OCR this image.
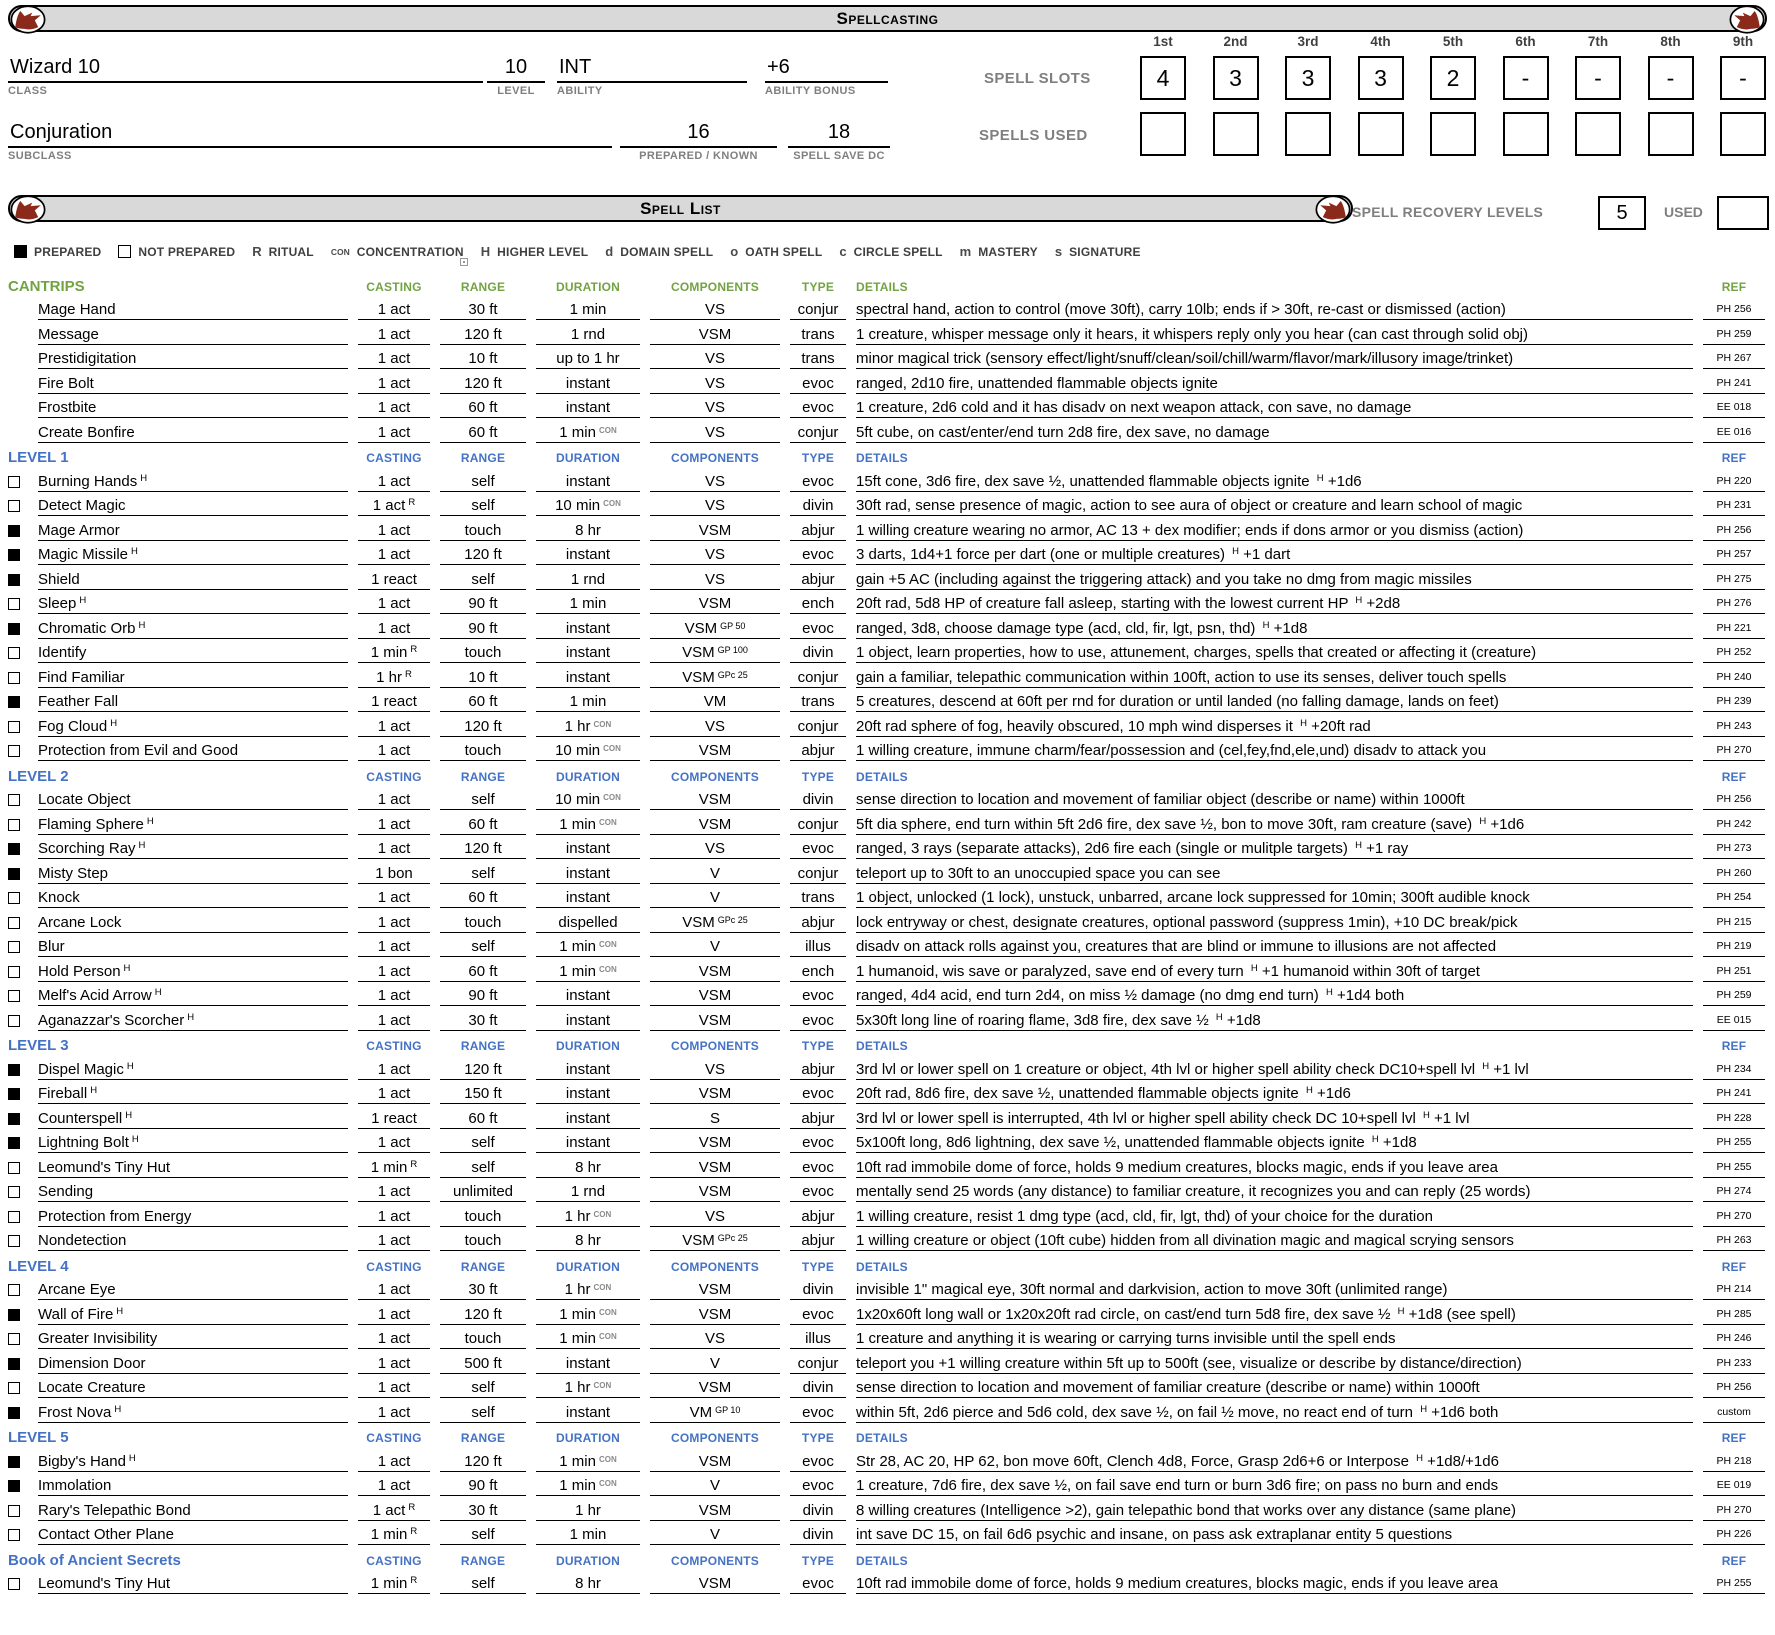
Spellcasting
Wizard 10
CLASS
10
LEVEL
INT
ABILITY
+6
ABILITY BONUS
Conjuration
SUBCLASS
16
PREPARED / KNOWN
18
SPELL SAVE DC
SPELL SLOTS
SPELLS USED
1st	2nd	3rd	4th	5th	6th	7th	8th	9th
4	3	3	3	2	-	-	-	-
Spell List	SPELL RECOVERY LEVELS	5	USED
PREPARED	NOT PREPARED R RITUAL CON CONCENTRATION H HIGHER LEVEL d DOMAIN SPELL o OATH SPELL c CIRCLE SPELL m MASTERY s SIGNATURE
CANTRIPS	CASTING	RANGE	DURATION	COMPONENTS	TYPE	DETAILS	REF
Mage Hand	1 act	30 ft	1 min	VS	conjur	spectral hand, action to control (move 30ft), carry 10lb; ends if > 30ft, re-cast or dismissed (action)	PH 256
Message	1 act	120 ft	1 rnd	VSM	trans	1 creature, whisper message only it hears, it whispers reply only you hear (can cast through solid obj)	PH 259
Prestidigitation	1 act	10 ft	up to 1 hr	VS	trans	minor magical trick (sensory effect/light/snuff/clean/soil/chill/warm/flavor/mark/illusory image/trinket)	PH 267
Fire Bolt	1 act	120 ft	instant	VS	evoc	ranged, 2d10 fire, unattended flammable objects ignite	PH 241
Frostbite	1 act	60 ft	instant	VS	evoc	1 creature, 2d6 cold and it has disadv on next weapon attack, con save, no damage	EE 018
Create Bonfire	1 act	60 ft	1 min $^{CON}$	VS	conjur	5ft cube, on cast/enter/end turn 2d8 fire, dex save, no damage	EE 016
LEVEL 1	CASTING	RANGE	DURATION	COMPONENTS	TYPE	DETAILS	REF
Burning Hands $^H$	1 act	self	instant	VS	evoc	15ft cone, 3d6 fire, dex save ½, unattended flammable objects ignite $^H$ +1d6	PH 220
Detect Magic	1 act $^R$	self	10 min $^{CON}$	VS	divin	30ft rad, sense presence of magic, action to see aura of object or creature and learn school of magic	PH 231
Mage Armor	1 act	touch	8 hr	VSM	abjur	1 willing creature wearing no armor, AC 13 + dex modifier; ends if dons armor or you dismiss (action)	PH 256
Magic Missile $^H$	1 act	120 ft	instant	VS	evoc	3 darts, 1d4+1 force per dart (one or multiple creatures) $^H$ +1 dart	PH 257
Shield	1 react	self	1 rnd	VS	abjur	gain +5 AC (including against the triggering attack) and you take no dmg from magic missiles	PH 275
Sleep $^H$	1 act	90 ft	1 min	VSM	ench	20ft rad, 5d8 HP of creature fall asleep, starting with the lowest current HP $^H$ +2d8	PH 276
Chromatic Orb $^H$	1 act	90 ft	instant	VSM $^{GP 50}$	evoc	ranged, 3d8, choose damage type (acd, cld, fir, lgt, psn, thd) $^H$ +1d8	PH 221
Identify	1 min $^R$	touch	instant	VSM $^{GP 100}$	divin	1 object, learn properties, how to use, attunement, charges, spells that created or affecting it (creature)	PH 252
Find Familiar	1 hr $^R$	10 ft	instant	VSM $^{GPc 25}$	conjur	gain a familiar, telepathic communication within 100ft, action to use its senses, deliver touch spells	PH 240
Feather Fall	1 react	60 ft	1 min	VM	trans	5 creatures, descend at 60ft per rnd for duration or until landed (no falling damage, lands on feet)	PH 239
Fog Cloud $^H$	1 act	120 ft	1 hr $^{CON}$	VS	conjur	20ft rad sphere of fog, heavily obscured, 10 mph wind disperses it $^H$ +20ft rad	PH 243
Protection from Evil and Good	1 act	touch	10 min $^{CON}$	VSM	abjur	1 willing creature, immune charm/fear/possession and (cel,fey,fnd,ele,und) disadv to attack you	PH 270
LEVEL 2	CASTING	RANGE	DURATION	COMPONENTS	TYPE	DETAILS	REF
Locate Object	1 act	self	10 min $^{CON}$	VSM	divin	sense direction to location and movement of familiar object (describe or name) within 1000ft	PH 256
Flaming Sphere $^H$	1 act	60 ft	1 min $^{CON}$	VSM	conjur	5ft dia sphere, end turn within 5ft 2d6 fire, dex save ½, bon to move 30ft, ram creature (save) $^H$ +1d6	PH 242
Scorching Ray $^H$	1 act	120 ft	instant	VS	evoc	ranged, 3 rays (separate attacks), 2d6 fire each (single or mulitple targets) $^H$ +1 ray	PH 273
Misty Step	1 bon	self	instant	V	conjur	teleport up to 30ft to an unoccupied space you can see	PH 260
Knock	1 act	60 ft	instant	V	trans	1 object, unlocked (1 lock), unstuck, unbarred, arcane lock suppressed for 10min; 300ft audible knock	PH 254
Arcane Lock	1 act	touch	dispelled	VSM $^{GPc 25}$	abjur	lock entryway or chest, designate creatures, optional password (suppress 1min), +10 DC break/pick	PH 215
Blur	1 act	self	1 min $^{CON}$	V	illus	disadv on attack rolls against you, creatures that are blind or immune to illusions are not affected	PH 219
Hold Person $^H$	1 act	60 ft	1 min $^{CON}$	VSM	ench	1 humanoid, wis save or paralyzed, save end of every turn $^H$ +1 humanoid within 30ft of target	PH 251
Melf's Acid Arrow $^H$	1 act	90 ft	instant	VSM	evoc	ranged, 4d4 acid, end turn 2d4, on miss ½ damage (no dmg end turn) $^H$ +1d4 both	PH 259
Aganazzar's Scorcher $^H$	1 act	30 ft	instant	VSM	evoc	5x30ft long line of roaring flame, 3d8 fire, dex save ½ $^H$ +1d8	EE 015
LEVEL 3	CASTING	RANGE	DURATION	COMPONENTS	TYPE	DETAILS	REF
Dispel Magic $^H$	1 act	120 ft	instant	VS	abjur	3rd lvl or lower spell on 1 creature or object, 4th lvl or higher spell ability check DC10+spell lvl $^H$ +1 lvl	PH 234
Fireball $^H$	1 act	150 ft	instant	VSM	evoc	20ft rad, 8d6 fire, dex save ½, unattended flammable objects ignite $^H$ +1d6	PH 241
Counterspell $^H$	1 react	60 ft	instant	S	abjur	3rd lvl or lower spell is interrupted, 4th lvl or higher spell ability check DC 10+spell lvl $^H$ +1 lvl	PH 228
Lightning Bolt $^H$	1 act	self	instant	VSM	evoc	5x100ft long, 8d6 lightning, dex save ½, unattended flammable objects ignite $^H$ +1d8	PH 255
Leomund's Tiny Hut	1 min $^R$	self	8 hr	VSM	evoc	10ft rad immobile dome of force, holds 9 medium creatures, blocks magic, ends if you leave area	PH 255
Sending	1 act	unlimited	1 rnd	VSM	evoc	mentally send 25 words (any distance) to familiar creature, it recognizes you and can reply (25 words)	PH 274
Protection from Energy	1 act	touch	1 hr $^{CON}$	VS	abjur	1 willing creature, resist 1 dmg type (acd, cld, fir, lgt, thd) of your choice for the duration	PH 270
Nondetection	1 act	touch	8 hr	VSM $^{GPc 25}$	abjur	1 willing creature or object (10ft cube) hidden from all divination magic and magical scrying sensors	PH 263
LEVEL 4	CASTING	RANGE	DURATION	COMPONENTS	TYPE	DETAILS	REF
Arcane Eye	1 act	30 ft	1 hr $^{CON}$	VSM	divin	invisible 1" magical eye, 30ft normal and darkvision, action to move 30ft (unlimited range)	PH 214
Wall of Fire $^H$	1 act	120 ft	1 min $^{CON}$	VSM	evoc	1x20x60ft long wall or 1x20x20ft rad circle, on cast/end turn 5d8 fire, dex save ½ $^H$ +1d8 (see spell)	PH 285
Greater Invisibility	1 act	touch	1 min $^{CON}$	VS	illus	1 creature and anything it is wearing or carrying turns invisible until the spell ends	PH 246
Dimension Door	1 act	500 ft	instant	V	conjur	teleport you +1 willing creature within 5ft up to 500ft (see, visualize or describe by distance/direction)	PH 233
Locate Creature	1 act	self	1 hr $^{CON}$	VSM	divin	sense direction to location and movement of familiar creature (describe or name) within 1000ft	PH 256
Frost Nova $^H$	1 act	self	instant	VM $^{GP 10}$	evoc	within 5ft, 2d6 pierce and 5d6 cold, dex save ½, on fail ½ move, no react end of turn $^H$ +1d6 both	custom
LEVEL 5	CASTING	RANGE	DURATION	COMPONENTS	TYPE	DETAILS	REF
Bigby's Hand $^H$	1 act	120 ft	1 min $^{CON}$	VSM	evoc	Str 28, AC 20, HP 62, bon move 60ft, Clench 4d8, Force, Grasp 2d6+6 or Interpose $^H$ +1d8/+1d6	PH 218
Immolation	1 act	90 ft	1 min $^{CON}$	V	evoc	1 creature, 7d6 fire, dex save ½, on fail save end turn or burn 3d6 fire; on pass no burn and ends	EE 019
Rary's Telepathic Bond	1 act $^R$	30 ft	1 hr	VSM	divin	8 willing creatures (Intelligence >2), gain telepathic bond that works over any distance (same plane)	PH 270
Contact Other Plane	1 min $^R$	self	1 min	V	divin	int save DC 15, on fail 6d6 psychic and insane, on pass ask extraplanar entity 5 questions	PH 226
Book of Ancient Secrets	CASTING	RANGE	DURATION	COMPONENTS	TYPE	DETAILS	REF
Leomund's Tiny Hut	1 min $^R$	self	8 hr	VSM	evoc	10ft rad immobile dome of force, holds 9 medium creatures, blocks magic, ends if you leave area	PH 255
